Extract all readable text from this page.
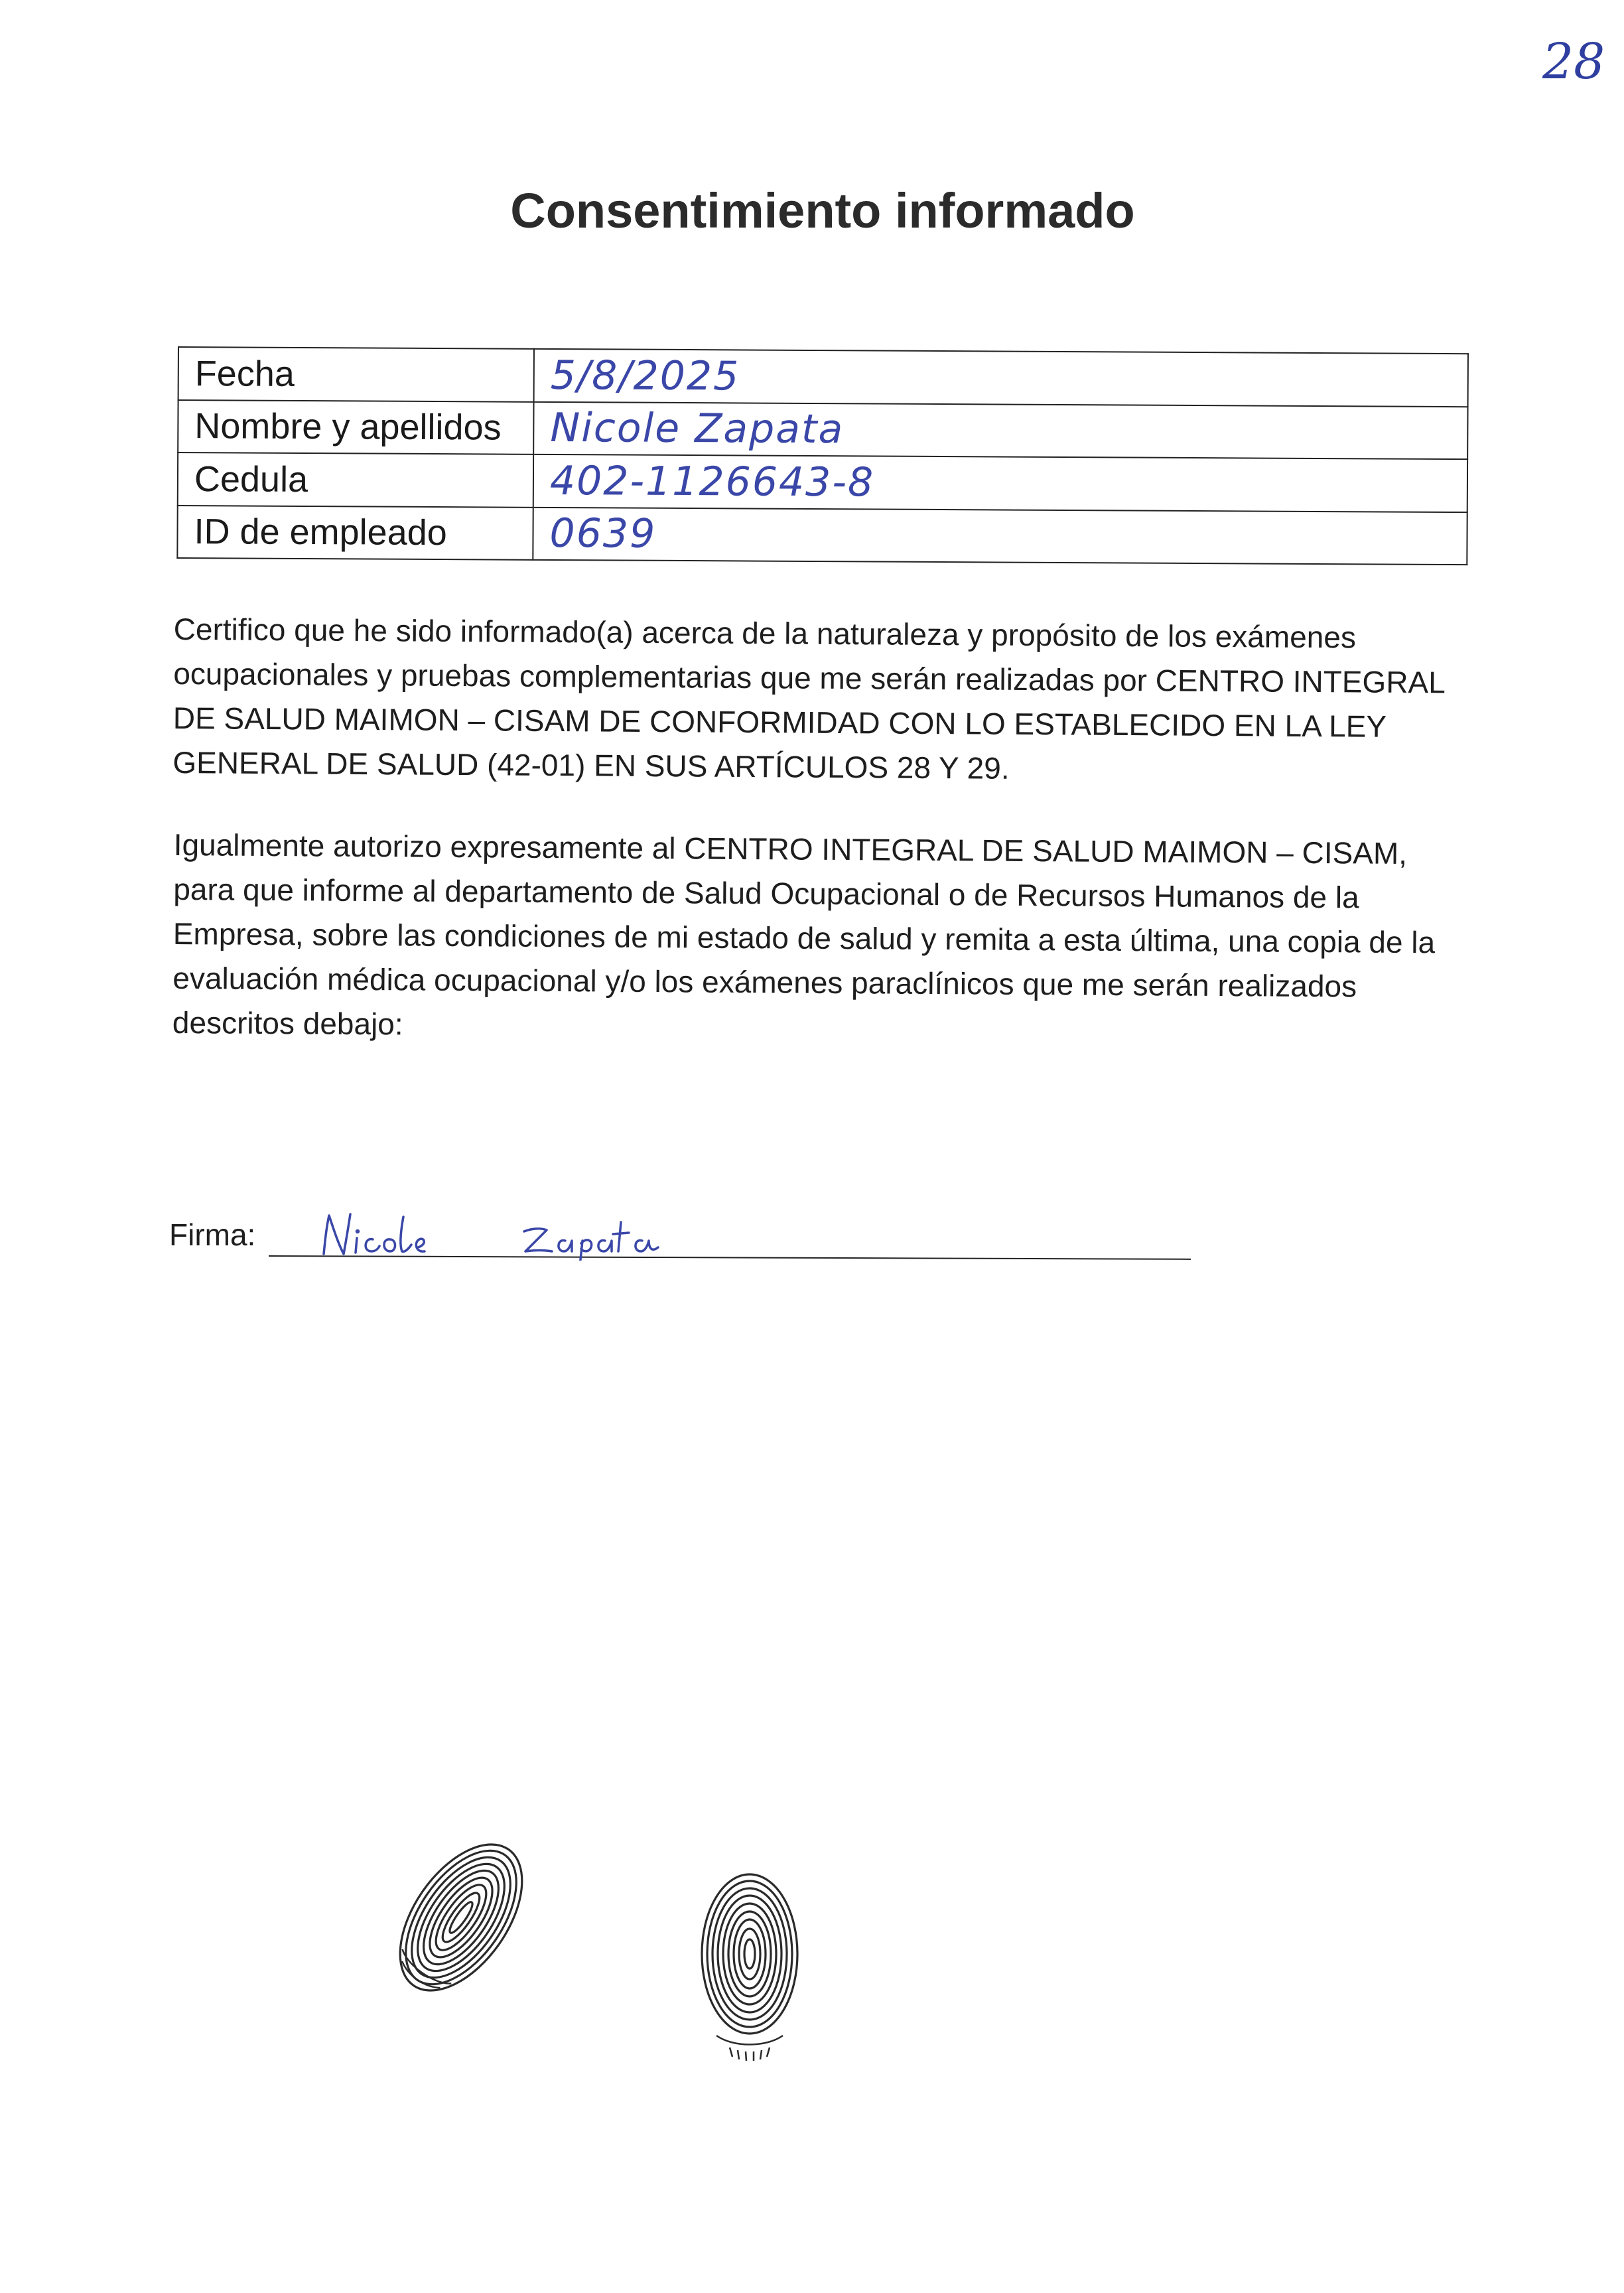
28
Consentimiento informado
Fecha	5/8/2025
Nombre y apellidos	Nicole Zapata
Cedula	402-1126643-8
ID de empleado	0639
Certifico que he sido informado(a) acerca de la naturaleza y propósito de los exámenes ocupacionales y pruebas complementarias que me serán realizadas por CENTRO INTEGRAL DE SALUD MAIMON – CISAM DE CONFORMIDAD CON LO ESTABLECIDO EN LA LEY GENERAL DE SALUD (42-01) EN SUS ARTÍCULOS 28 Y 29.
Igualmente autorizo expresamente al CENTRO INTEGRAL DE SALUD MAIMON – CISAM, para que informe al departamento de Salud Ocupacional o de Recursos Humanos de la Empresa, sobre las condiciones de mi estado de salud y remita a esta última, una copia de la evaluación médica ocupacional y/o los exámenes paraclínicos que me serán realizados descritos debajo:
Firma:
